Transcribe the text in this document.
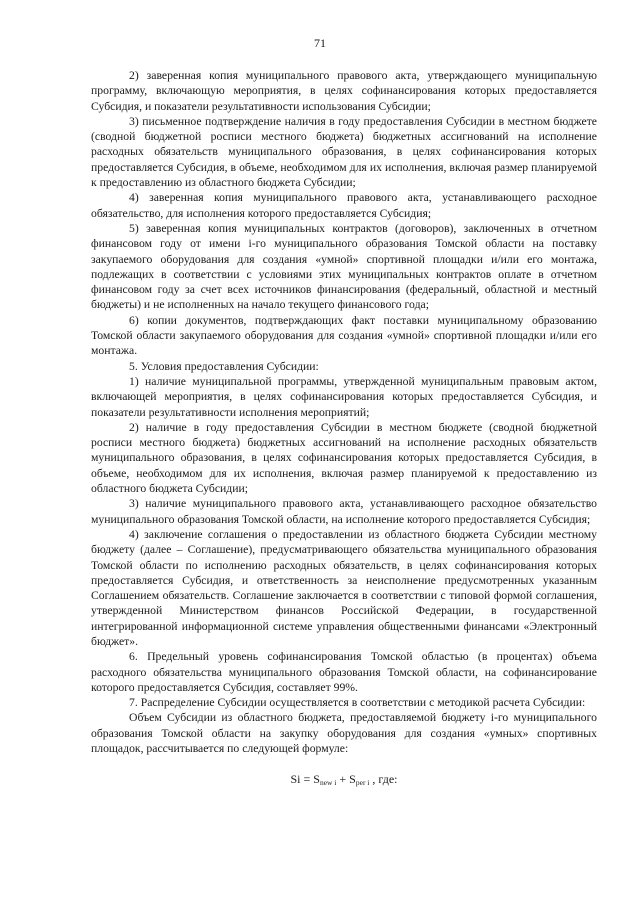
71

2) заверенная копия муниципального правового акта, утверждающего муниципальную программу, включающую мероприятия, в целях софинансирования которых предоставляется Субсидия, и показатели результативности использования Субсидии;

3) письменное подтверждение наличия в году предоставления Субсидии в местном бюджете (сводной бюджетной росписи местного бюджета) бюджетных ассигнований на исполнение расходных обязательств муниципального образования, в целях софинансирования которых предоставляется Субсидия, в объеме, необходимом для их исполнения, включая размер планируемой к предоставлению из областного бюджета Субсидии;

4) заверенная копия муниципального правового акта, устанавливающего расходное обязательство, для исполнения которого предоставляется Субсидия;

5) заверенная копия муниципальных контрактов (договоров), заключенных в отчетном финансовом году от имени i-го муниципального образования Томской области на поставку закупаемого оборудования для создания «умной» спортивной площадки и/или его монтажа, подлежащих в соответствии с условиями этих муниципальных контрактов оплате в отчетном финансовом году за счет всех источников финансирования (федеральный, областной и местный бюджеты) и не исполненных на начало текущего финансового года;

6) копии документов, подтверждающих факт поставки муниципальному образованию Томской области закупаемого оборудования для создания «умной» спортивной площадки и/или его монтажа.

5. Условия предоставления Субсидии:

1) наличие муниципальной программы, утвержденной муниципальным правовым актом, включающей мероприятия, в целях софинансирования которых предоставляется Субсидия, и показатели результативности исполнения мероприятий;

2) наличие в году предоставления Субсидии в местном бюджете (сводной бюджетной росписи местного бюджета) бюджетных ассигнований на исполнение расходных обязательств муниципального образования, в целях софинансирования которых предоставляется Субсидия, в объеме, необходимом для их исполнения, включая размер планируемой к предоставлению из областного бюджета Субсидии;

3) наличие муниципального правового акта, устанавливающего расходное обязательство муниципального образования Томской области, на исполнение которого предоставляется Субсидия;

4) заключение соглашения о предоставлении из областного бюджета Субсидии местному бюджету (далее – Соглашение), предусматривающего обязательства муниципального образования Томской области по исполнению расходных обязательств, в целях софинансирования которых предоставляется Субсидия, и ответственность за неисполнение предусмотренных указанным Соглашением обязательств. Соглашение заключается в соответствии с типовой формой соглашения, утвержденной Министерством финансов Российской Федерации, в государственной интегрированной информационной системе управления общественными финансами «Электронный бюджет».

6. Предельный уровень софинансирования Томской областью (в процентах) объема расходного обязательства муниципального образования Томской области, на софинансирование которого предоставляется Субсидия, составляет 99%.

7. Распределение Субсидии осуществляется в соответствии с методикой расчета Субсидии:

Объем Субсидии из областного бюджета, предоставляемой бюджету i-го муниципального образования Томской области на закупку оборудования для создания «умных» спортивных площадок, рассчитывается по следующей формуле:

$Si = S_{new i} + S_{per i}$ , где:
